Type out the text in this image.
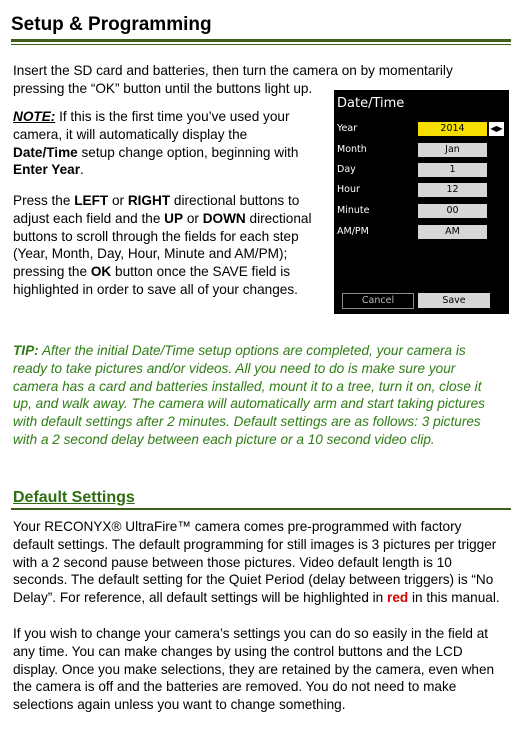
Setup & Programming

Insert the SD card and batteries, then turn the camera on by momentarily
pressing the “OK” button until the buttons light up.

NOTE: If this is the first time you’ve used your
camera, it will automatically display the
Date/Time setup change option, beginning with
Enter Year.

Press the LEFT or RIGHT directional buttons to
adjust each field and the UP or DOWN directional
buttons to scroll through the fields for each step
(Year, Month, Day, Hour, Minute and AM/PM);
pressing the OK button once the SAVE field is
highlighted in order to save all of your changes.

Date/Time
Year	2014	◀▶
Month	Jan
Day	1
Hour	12
Minute	00
AM/PM	AM
Cancel	Save

TIP: After the initial Date/Time setup options are completed, your camera is
ready to take pictures and/or videos. All you need to do is make sure your
camera has a card and batteries installed, mount it to a tree, turn it on, close it
up, and walk away. The camera will automatically arm and start taking pictures
with default settings after 2 minutes. Default settings are as follows: 3 pictures
with a 2 second delay between each picture or a 10 second video clip.

Default Settings

Your RECONYX® UltraFire™ camera comes pre-programmed with factory
default settings. The default programming for still images is 3 pictures per trigger
with a 2 second pause between those pictures. Video default length is 10
seconds. The default setting for the Quiet Period (delay between triggers) is “No
Delay”. For reference, all default settings will be highlighted in red in this manual.

If you wish to change your camera’s settings you can do so easily in the field at
any time. You can make changes by using the control buttons and the LCD
display. Once you make selections, they are retained by the camera, even when
the camera is off and the batteries are removed. You do not need to make
selections again unless you want to change something.
